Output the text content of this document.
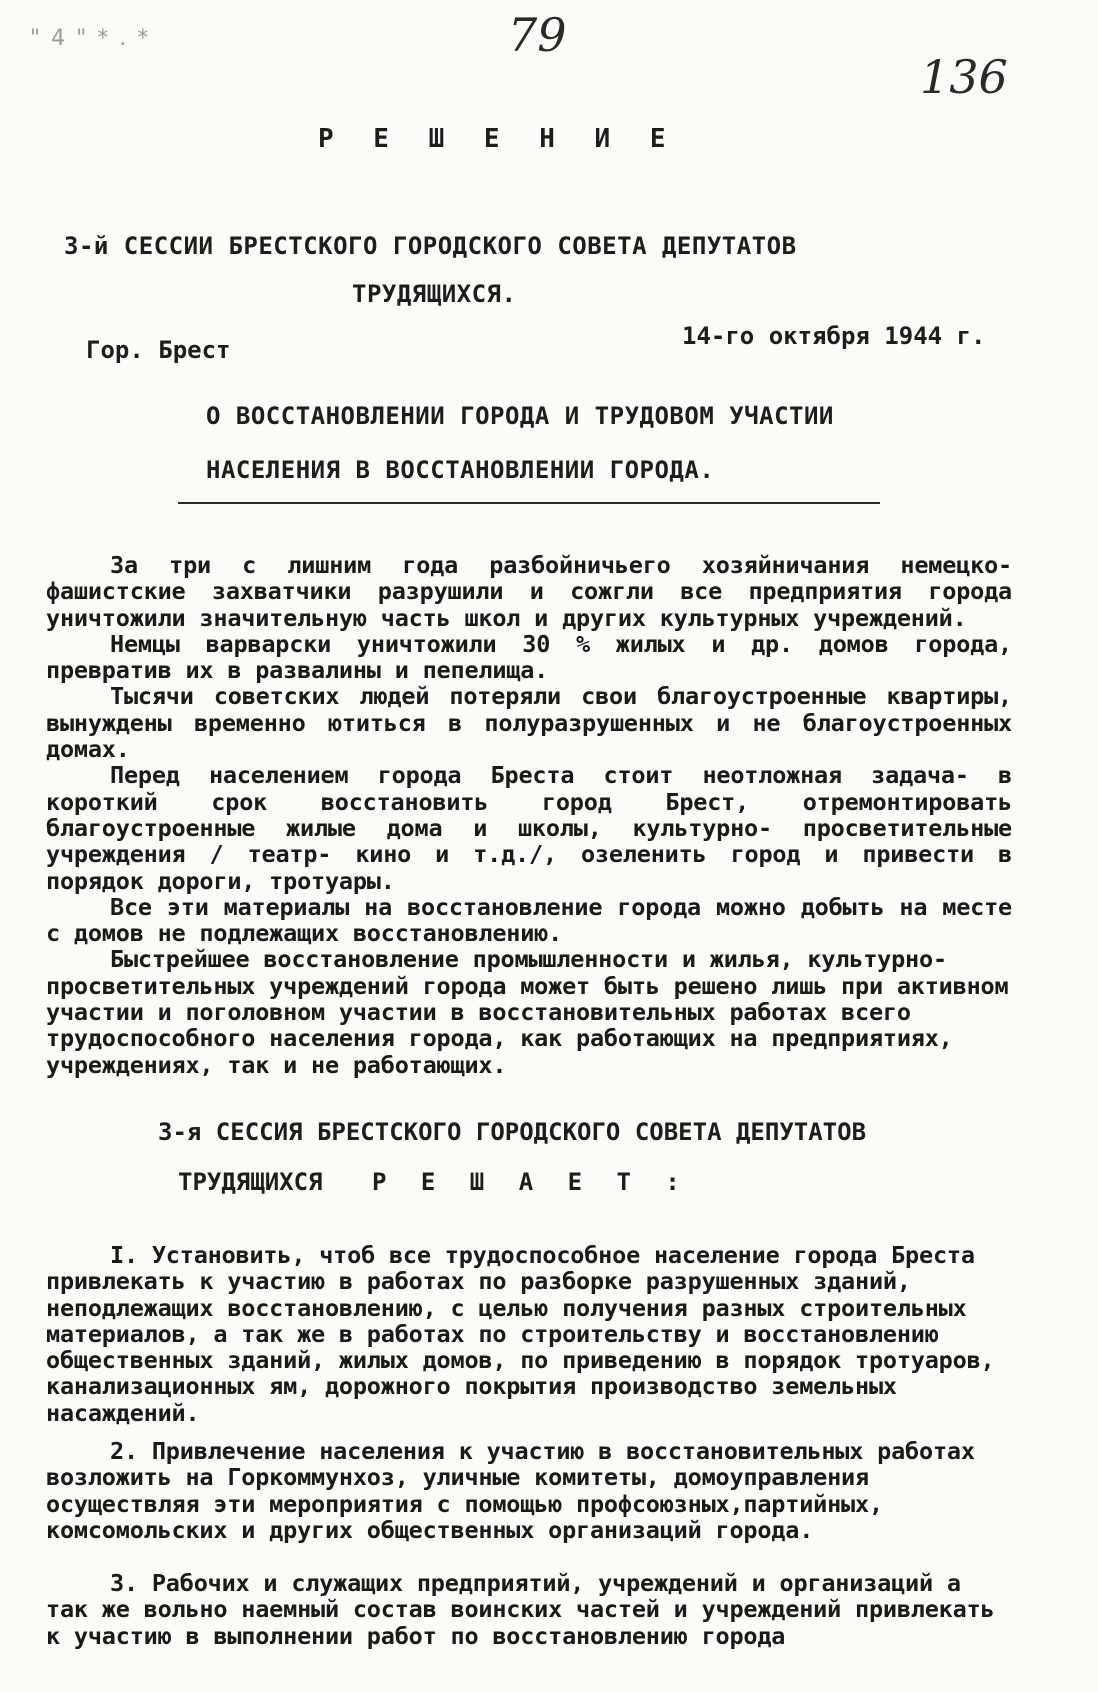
" 4 " * . *	79
136
Р Е Ш Е Н И Е
3-й СЕССИИ БРЕСТСКОГО ГОРОДСКОГО СОВЕТА ДЕПУТАТОВ
ТРУДЯЩИХСЯ.
Гор. Брест	14-го октября 1944 г.
О ВОССТАНОВЛЕНИИ ГОРОДА И ТРУДОВОМ УЧАСТИИ
НАСЕЛЕНИЯ В ВОССТАНОВЛЕНИИ ГОРОДА.

За три с лишним года разбойничьего хозяйничания немецко-фашистские захватчики разрушили и сожгли все предприятия города уничтожили значительную часть школ и других культурных учреждений.

Немцы варварски уничтожили 30 % жилых и др. домов города, превратив их в развалины и пепелища.

Тысячи советских людей потеряли свои благоустроенные квартиры, вынуждены временно ютиться в полуразрушенных и не благоустроенных домах.

Перед населением города Бреста стоит неотложная задача- в короткий срок восстановить город Брест, отремонтировать благоустроенные жилые дома и школы, культурно- просветительные учреждения / театр- кино и т.д./, озеленить город и привести в порядок дороги, тротуары.

Все эти материалы на восстановление города можно добыть на месте с домов не подлежащих восстановлению.

Быстрейшее восстановление промышленности и жилья, культурно-просветительных учреждений города может быть решено лишь при активном участии и поголовном участии в восстановительных работах всего трудоспособного населения города, как работающих на предприятиях, учреждениях, так и не работающих.

3-я СЕССИЯ БРЕСТСКОГО ГОРОДСКОГО СОВЕТА ДЕПУТАТОВ
ТРУДЯЩИХСЯ Р Е Ш А Е Т :

I. Установить, чтоб все трудоспособное население города Бреста привлекать к участию в работах по разборке разрушенных зданий, неподлежащих восстановлению, с целью получения разных строительных материалов, а так же в работах по строительству и восстановлению общественных зданий, жилых домов, по приведению в порядок тротуаров, канализационных ям, дорожного покрытия производство земельных насаждений.

2. Привлечение населения к участию в восстановительных работах возложить на Горкоммунхоз, уличные комитеты, домоуправления осуществляя эти мероприятия с помощью профсоюзных,партийных, комсомольских и других общественных организаций города.

3. Рабочих и служащих предприятий, учреждений и организаций а так же вольно наемный состав воинских частей и учреждений привлекать к участию в выполнении работ по восстановлению города
